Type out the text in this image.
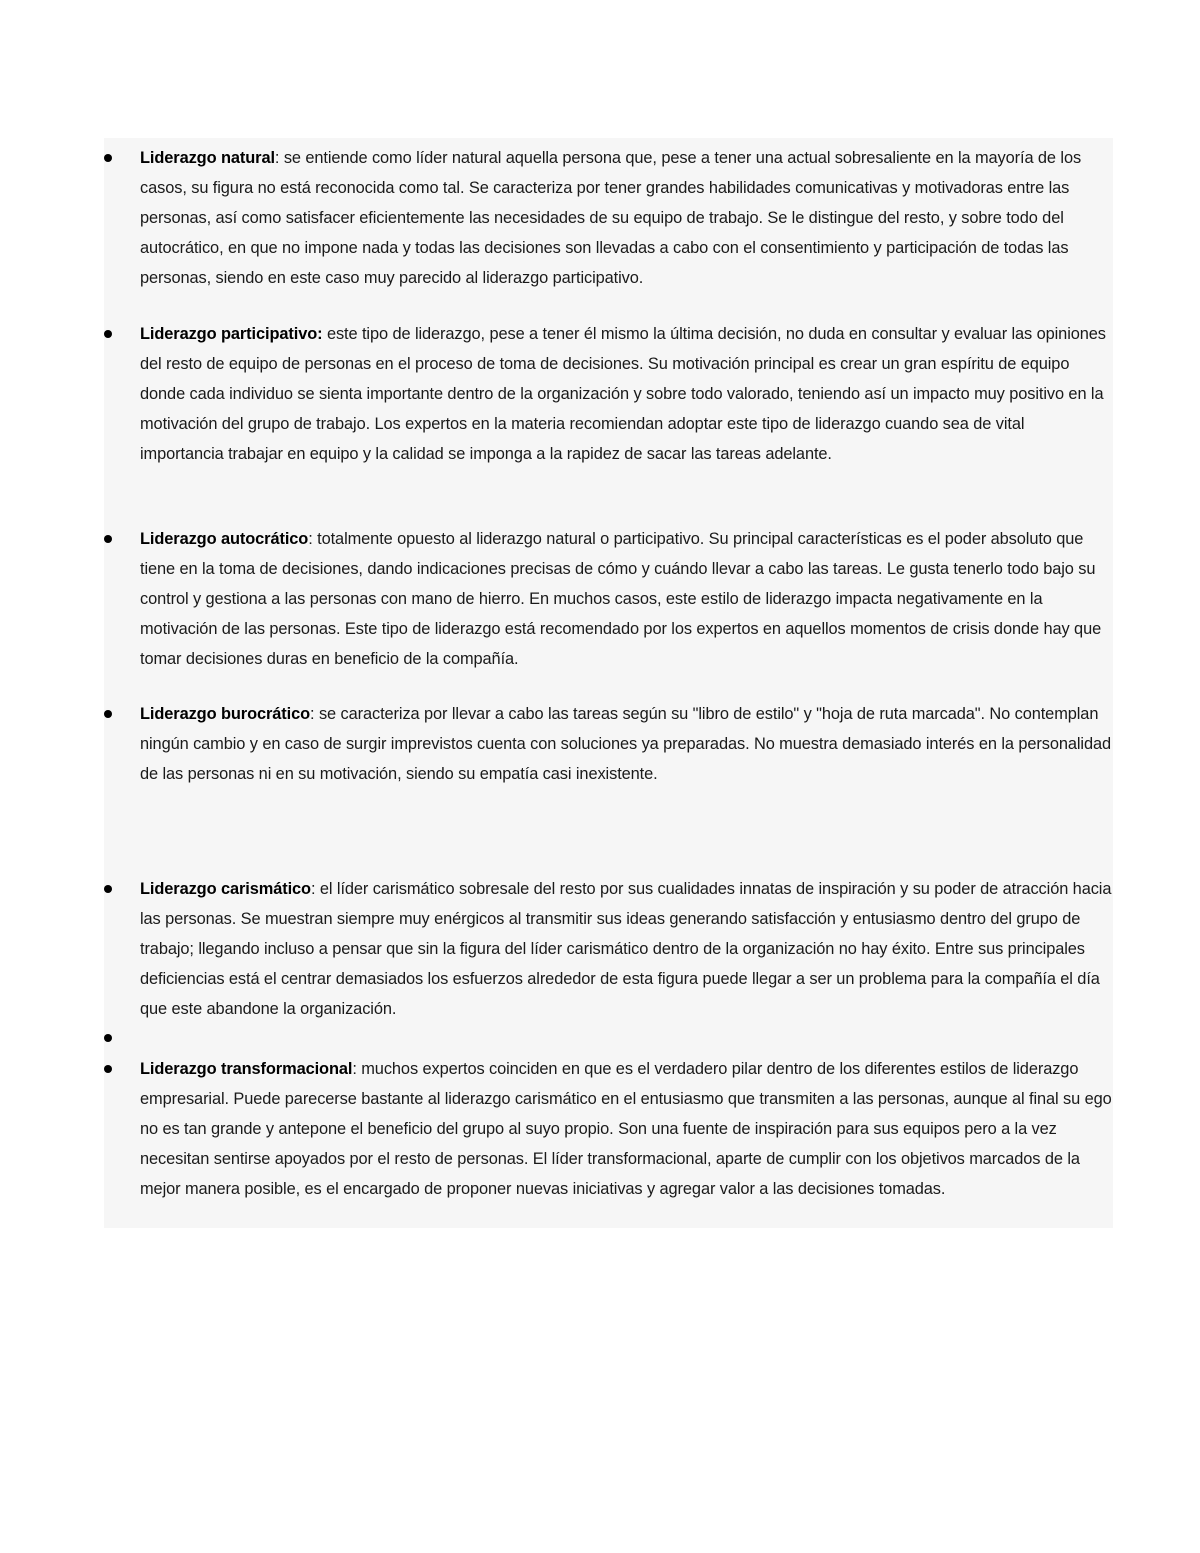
Liderazgo natural: se entiende como líder natural aquella persona que, pese a tener una actual sobresaliente en la mayoría de los casos, su figura no está reconocida como tal. Se caracteriza por tener grandes habilidades comunicativas y motivadoras entre las personas, así como satisfacer eficientemente las necesidades de su equipo de trabajo. Se le distingue del resto, y sobre todo del autocrático, en que no impone nada y todas las decisiones son llevadas a cabo con el consentimiento y participación de todas las personas, siendo en este caso muy parecido al liderazgo participativo.
Liderazgo participativo: este tipo de liderazgo, pese a tener él mismo la última decisión, no duda en consultar y evaluar las opiniones del resto de equipo de personas en el proceso de toma de decisiones. Su motivación principal es crear un gran espíritu de equipo donde cada individuo se sienta importante dentro de la organización y sobre todo valorado, teniendo así un impacto muy positivo en la motivación del grupo de trabajo. Los expertos en la materia recomiendan adoptar este tipo de liderazgo cuando sea de vital importancia trabajar en equipo y la calidad se imponga a la rapidez de sacar las tareas adelante.
Liderazgo autocrático: totalmente opuesto al liderazgo natural o participativo. Su principal características es el poder absoluto que tiene en la toma de decisiones, dando indicaciones precisas de cómo y cuándo llevar a cabo las tareas. Le gusta tenerlo todo bajo su control y gestiona a las personas con mano de hierro. En muchos casos, este estilo de liderazgo impacta negativamente en la motivación de las personas. Este tipo de liderazgo está recomendado por los expertos en aquellos momentos de crisis donde hay que tomar decisiones duras en beneficio de la compañía.
Liderazgo burocrático: se caracteriza por llevar a cabo las tareas según su "libro de estilo" y "hoja de ruta marcada". No contemplan ningún cambio y en caso de surgir imprevistos cuenta con soluciones ya preparadas. No muestra demasiado interés en la personalidad de las personas ni en su motivación, siendo su empatía casi inexistente.
Liderazgo carismático: el líder carismático sobresale del resto por sus cualidades innatas de inspiración y su poder de atracción hacia las personas. Se muestran siempre muy enérgicos al transmitir sus ideas generando satisfacción y entusiasmo dentro del grupo de trabajo; llegando incluso a pensar que sin la figura del líder carismático dentro de la organización no hay éxito. Entre sus principales deficiencias está el centrar demasiados los esfuerzos alrededor de esta figura puede llegar a ser un problema para la compañía el día que este abandone la organización.
Liderazgo transformacional: muchos expertos coinciden en que es el verdadero pilar dentro de los diferentes estilos de liderazgo empresarial. Puede parecerse bastante al liderazgo carismático en el entusiasmo que transmiten a las personas, aunque al final su ego no es tan grande y antepone el beneficio del grupo al suyo propio. Son una fuente de inspiración para sus equipos pero a la vez necesitan sentirse apoyados por el resto de personas. El líder transformacional, aparte de cumplir con los objetivos marcados de la mejor manera posible, es el encargado de proponer nuevas iniciativas y agregar valor a las decisiones tomadas.
